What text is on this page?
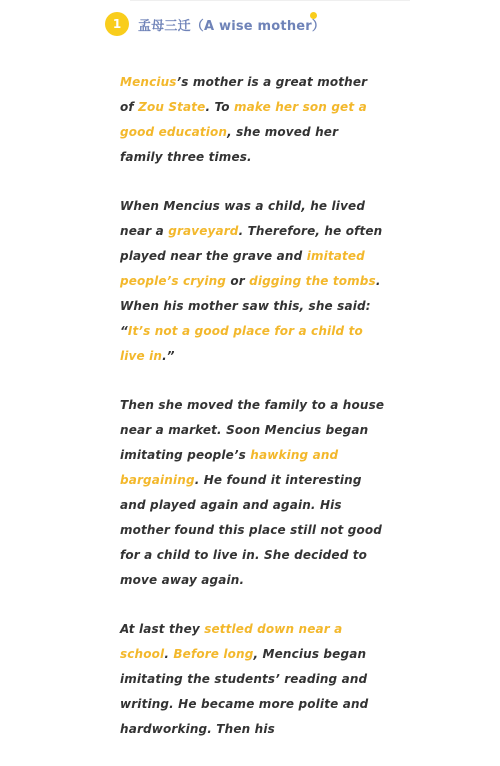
1	孟母三迁（A wise mother）

Mencius’s mother is a great mother of Zou State. To make her son get a good education, she moved her family three times.

When Mencius was a child, he lived near a graveyard. Therefore, he often played near the grave and imitated people’s crying or digging the tombs. When his mother saw this, she said: “It’s not a good place for a child to live in.”

Then she moved the family to a house near a market. Soon Mencius began imitating people’s hawking and bargaining. He found it interesting and played again and again. His mother found this place still not good for a child to live in. She decided to move away again.

At last they settled down near a school. Before long, Mencius began imitating the students’ reading and writing. He became more polite and hardworking. Then his
